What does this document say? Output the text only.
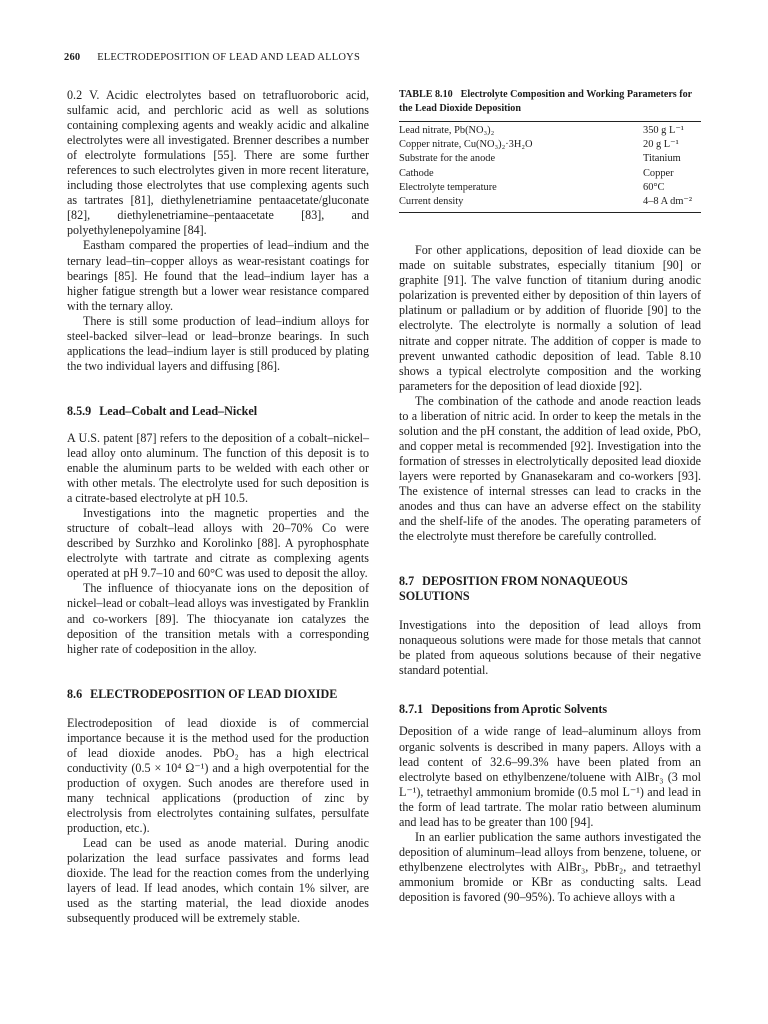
260 ELECTRODEPOSITION OF LEAD AND LEAD ALLOYS

0.2 V. Acidic electrolytes based on tetrafluoroboric acid, sulfamic acid, and perchloric acid as well as solutions containing complexing agents and weakly acidic and alkaline electrolytes were all investigated. Brenner describes a number of electrolyte formulations [55]. There are some further references to such electrolytes given in more recent literature, including those electrolytes that use complexing agents such as tartrates [81], diethylenetriamine pentaacetate/gluconate [82], diethylenetriamine–pentaacetate [83], and polyethylenepolyamine [84].

Eastham compared the properties of lead–indium and the ternary lead–tin–copper alloys as wear-resistant coatings for bearings [85]. He found that the lead–indium layer has a higher fatigue strength but a lower wear resistance compared with the ternary alloy.

There is still some production of lead–indium alloys for steel-backed silver–lead or lead–bronze bearings. In such applications the lead–indium layer is still produced by plating the two individual layers and diffusing [86].

8.5.9 Lead–Cobalt and Lead–Nickel

A U.S. patent [87] refers to the deposition of a cobalt–nickel–lead alloy onto aluminum. The function of this deposit is to enable the aluminum parts to be welded with each other or with other metals. The electrolyte used for such deposition is a citrate-based electrolyte at pH 10.5.

Investigations into the magnetic properties and the structure of cobalt–lead alloys with 20–70% Co were described by Surzhko and Korolinko [88]. A pyrophosphate electrolyte with tartrate and citrate as complexing agents operated at pH 9.7–10 and 60°C was used to deposit the alloy.

The influence of thiocyanate ions on the deposition of nickel–lead or cobalt–lead alloys was investigated by Franklin and co-workers [89]. The thiocyanate ion catalyzes the deposition of the transition metals with a corresponding higher rate of codeposition in the alloy.

8.6 ELECTRODEPOSITION OF LEAD DIOXIDE

Electrodeposition of lead dioxide is of commercial importance because it is the method used for the production of lead dioxide anodes. PbO₂ has a high electrical conductivity (0.5 × 10⁴ Ω⁻¹) and a high overpotential for the production of oxygen. Such anodes are therefore used in many technical applications (production of zinc by electrolysis from electrolytes containing sulfates, persulfate production, etc.).

Lead can be used as anode material. During anodic polarization the lead surface passivates and forms lead dioxide. The lead for the reaction comes from the underlying layers of lead. If lead anodes, which contain 1% silver, are used as the starting material, the lead dioxide anodes subsequently produced will be extremely stable.

TABLE 8.10 Electrolyte Composition and Working Parameters for the Lead Dioxide Deposition
Lead nitrate, Pb(NO₃)₂	350 g L⁻¹
Copper nitrate, Cu(NO₃)₂·3H₂O	20 g L⁻¹
Substrate for the anode	Titanium
Cathode	Copper
Electrolyte temperature	60°C
Current density	4–8 A dm⁻²

For other applications, deposition of lead dioxide can be made on suitable substrates, especially titanium [90] or graphite [91]. The valve function of titanium during anodic polarization is prevented either by deposition of thin layers of platinum or palladium or by addition of fluoride [90] to the electrolyte. The electrolyte is normally a solution of lead nitrate and copper nitrate. The addition of copper is made to prevent unwanted cathodic deposition of lead. Table 8.10 shows a typical electrolyte composition and the working parameters for the deposition of lead dioxide [92].

The combination of the cathode and anode reaction leads to a liberation of nitric acid. In order to keep the metals in the solution and the pH constant, the addition of lead oxide, PbO, and copper metal is recommended [92]. Investigation into the formation of stresses in electrolytically deposited lead dioxide layers were reported by Gnanasekaram and co-workers [93]. The existence of internal stresses can lead to cracks in the anodes and thus can have an adverse effect on the stability and the shelf-life of the anodes. The operating parameters of the electrolyte must therefore be carefully controlled.

8.7 DEPOSITION FROM NONAQUEOUS SOLUTIONS

Investigations into the deposition of lead alloys from nonaqueous solutions were made for those metals that cannot be plated from aqueous solutions because of their negative standard potential.

8.7.1 Depositions from Aprotic Solvents

Deposition of a wide range of lead–aluminum alloys from organic solvents is described in many papers. Alloys with a lead content of 32.6–99.3% have been plated from an electrolyte based on ethylbenzene/toluene with AlBr₃ (3 mol L⁻¹), tetraethyl ammonium bromide (0.5 mol L⁻¹) and lead in the form of lead tartrate. The molar ratio between aluminum and lead has to be greater than 100 [94].

In an earlier publication the same authors investigated the deposition of aluminum–lead alloys from benzene, toluene, or ethylbenzene electrolytes with AlBr₃, PbBr₂, and tetraethyl ammonium bromide or KBr as conducting salts. Lead deposition is favored (90–95%). To achieve alloys with a
